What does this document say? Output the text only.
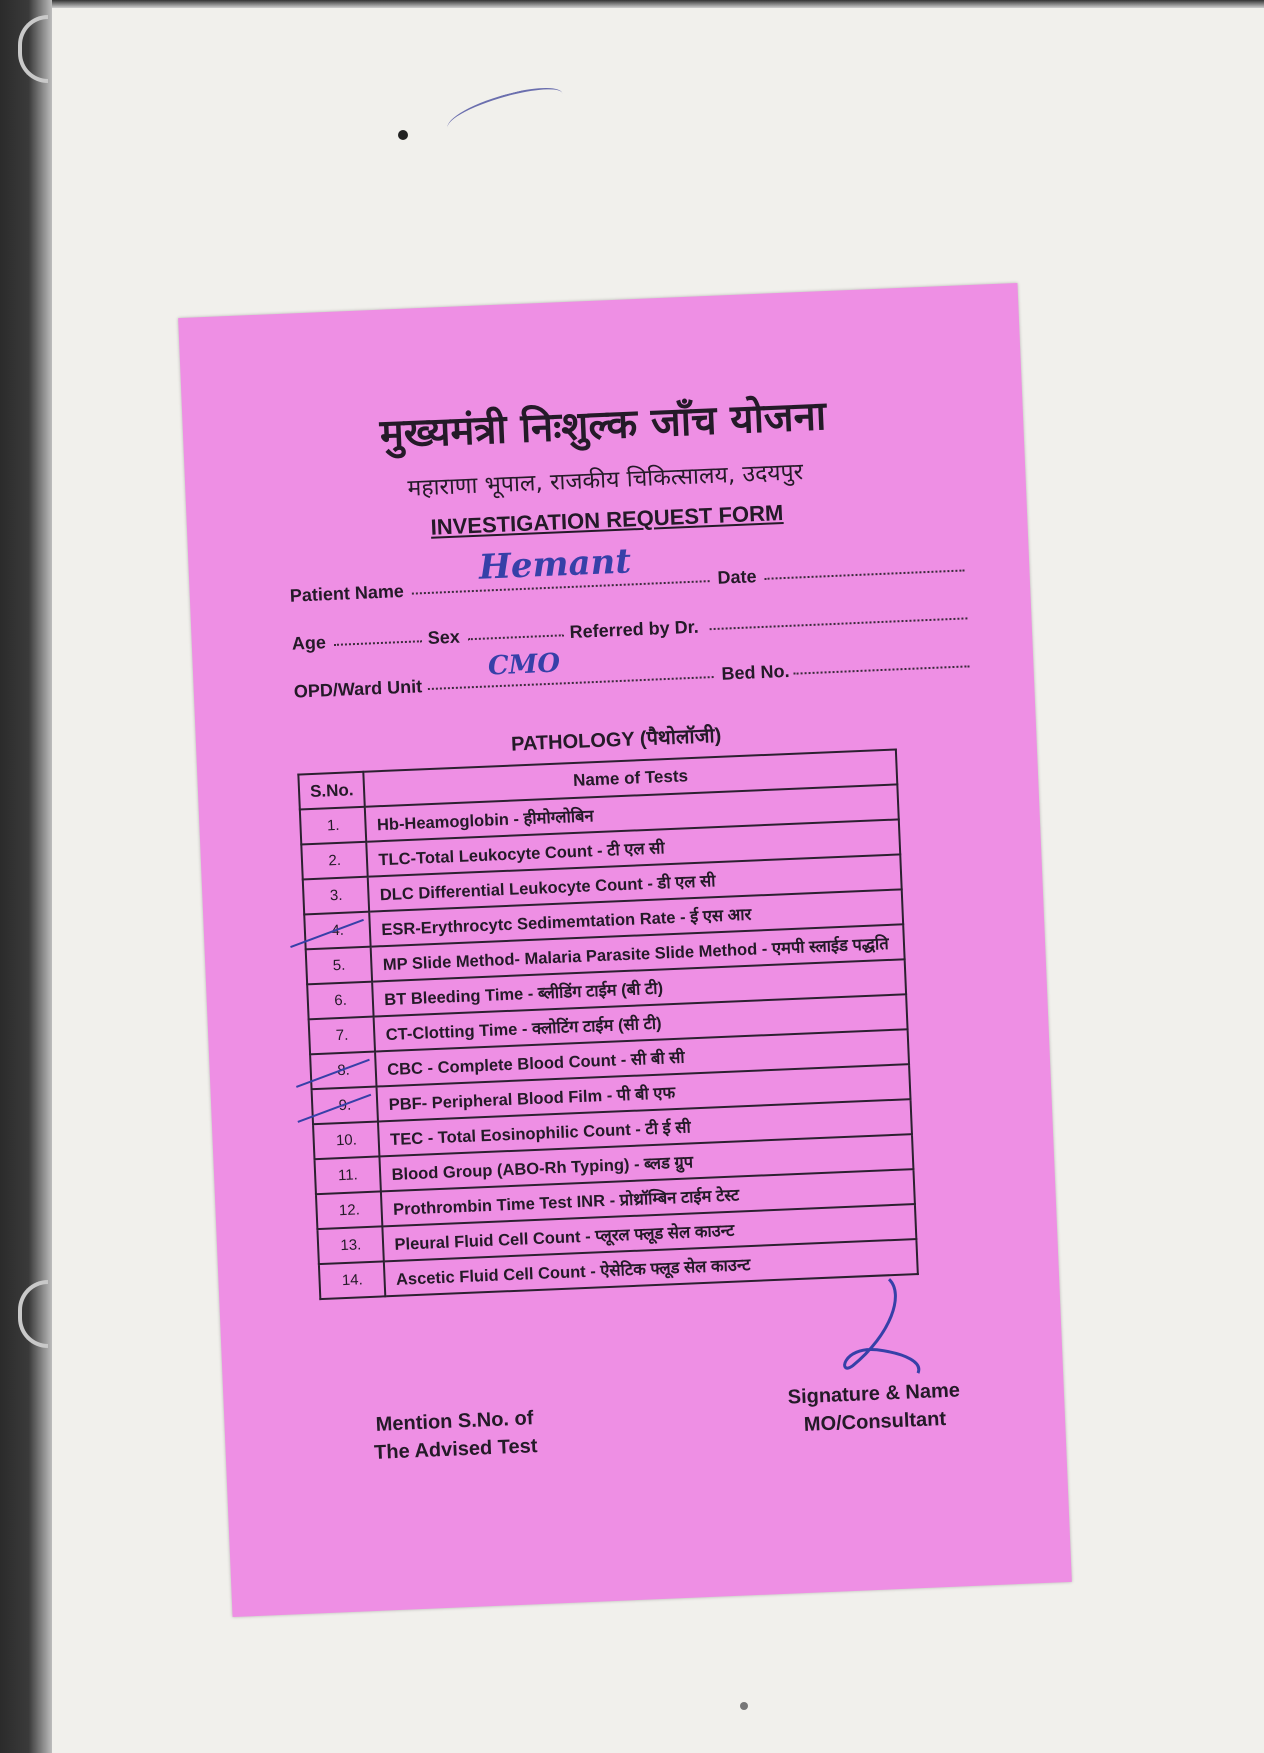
मुख्यमंत्री निःशुल्क जाँच योजना
महाराणा भूपाल, राजकीय चिकित्सालय, उदयपुर
INVESTIGATION REQUEST FORM
Patient Name
Hemant	Date
Age	Sex	Referred by Dr.
OPD/Ward Unit
CMO	Bed No.
PATHOLOGY (पैथोलॉजी)
S.No.	Name of Tests
1.	Hb-Heamoglobin - हीमोग्लोबिन
2.	TLC-Total Leukocyte Count - टी एल सी
3.	DLC Differential Leukocyte Count - डी एल सी
4.	ESR-Erythrocytc Sedimemtation Rate - ई एस आर
5.	MP Slide Method- Malaria Parasite Slide Method - एमपी स्लाईड पद्धति
6.	BT Bleeding Time - ब्लीडिंग टाईम (बी टी)
7.	CT-Clotting Time - क्लोटिंग टाईम (सी टी)
8.	CBC - Complete Blood Count - सी बी सी
9.	PBF- Peripheral Blood Film - पी बी एफ
10.	TEC - Total Eosinophilic Count - टी ई सी
11.	Blood Group (ABO-Rh Typing) - ब्लड ग्रुप
12.	Prothrombin Time Test INR - प्रोथ्रॉम्बिन टाईम टेस्ट
13.	Pleural Fluid Cell Count - प्लूरल फ्लूड सेल काउन्ट
14.	Ascetic Fluid Cell Count - ऐसेटिक फ्लूड सेल काउन्ट
Mention S.No. of
The Advised Test
Signature & Name
MO/Consultant
